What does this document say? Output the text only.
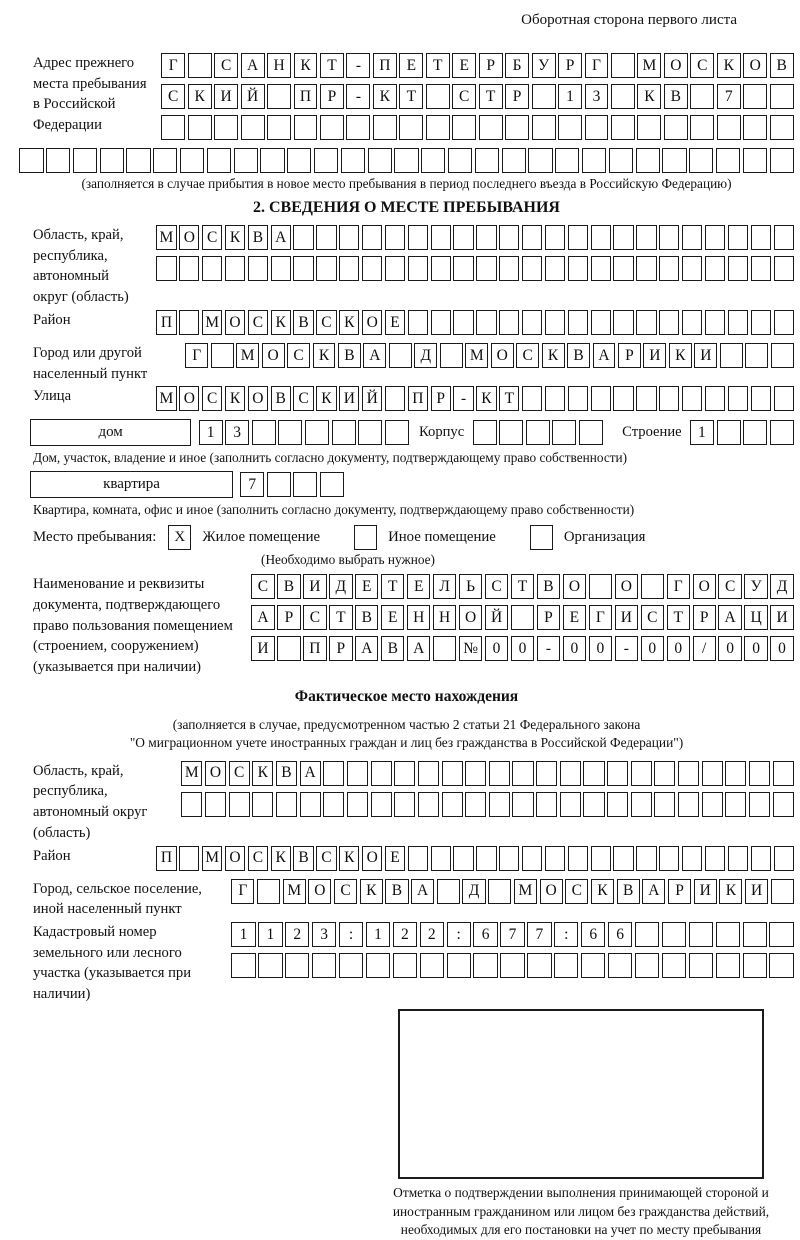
Оборотная сторона первого листа
Адрес прежнего места пребывания в Российской Федерации
Г	С	А Н	К	Т	-	П	Е	Т	Е	Р	Б	У	Р	Г	М О	С	К	О	В
С	К	И Й	П	Р	-	К	Т	С	Т	Р	1	3	К	В	7
(заполняется в случае прибытия в новое место пребывания в период последнего въезда в Российскую Федерацию)
2. СВЕДЕНИЯ О МЕСТЕ ПРЕБЫВАНИЯ
Область, край, республика, автономный округ (область)
М О С К В А
Район	П М О С К В С К О Е
Город или другой населенный пункт
Г	М О С К В А	Д	М О С К В А	Р	И К И
Улица	М О С К О В С К И Й П Р	- К Т
дом	1	3	Корпус	Строение	1
Дом, участок, владение и иное (заполнить согласно документу, подтверждающему право собственности)
квартира	7
Квартира, комната, офис и иное (заполнить согласно документу, подтверждающему право собственности)
Место пребывания:	X	Жилое помещение	Иное помещение	Организация
(Необходимо выбрать нужное)
Наименование и реквизиты документа, подтверждающего право пользования помещением (строением, сооружением) (указывается при наличии)
С	В И Д	Е	Т	Е	Л	Ь	С	Т	В О	О	Г	О С У Д
А	Р	С	Т	В	Е	Н Н О Й	Р	Е	Г	И С	Т	Р	А Ц И
И	П	Р	А В А	№ 0	0	-	0	0	-	0	0	/	0	0	0
Фактическое место нахождения
(заполняется в случае, предусмотренном частью 2 статьи 21 Федерального закона
"О миграционном учете иностранных граждан и лиц без гражданства в Российской Федерации")
Область, край, республика, автономный округ (область)
М О С К В А
Район	П М О С К В С К О Е
Город, сельское поселение, иной населенный пункт
Г	М О С К В А	Д	М О С К В А	Р	И К И
Кадастровый номер земельного или лесного участка (указывается при наличии)
1	1	2	3	:	1	2	2	:	6	7	7	:	6	6
Отметка о подтверждении выполнения принимающей стороной и иностранным гражданином или лицом без гражданства действий, необходимых для его постановки на учет по месту пребывания
